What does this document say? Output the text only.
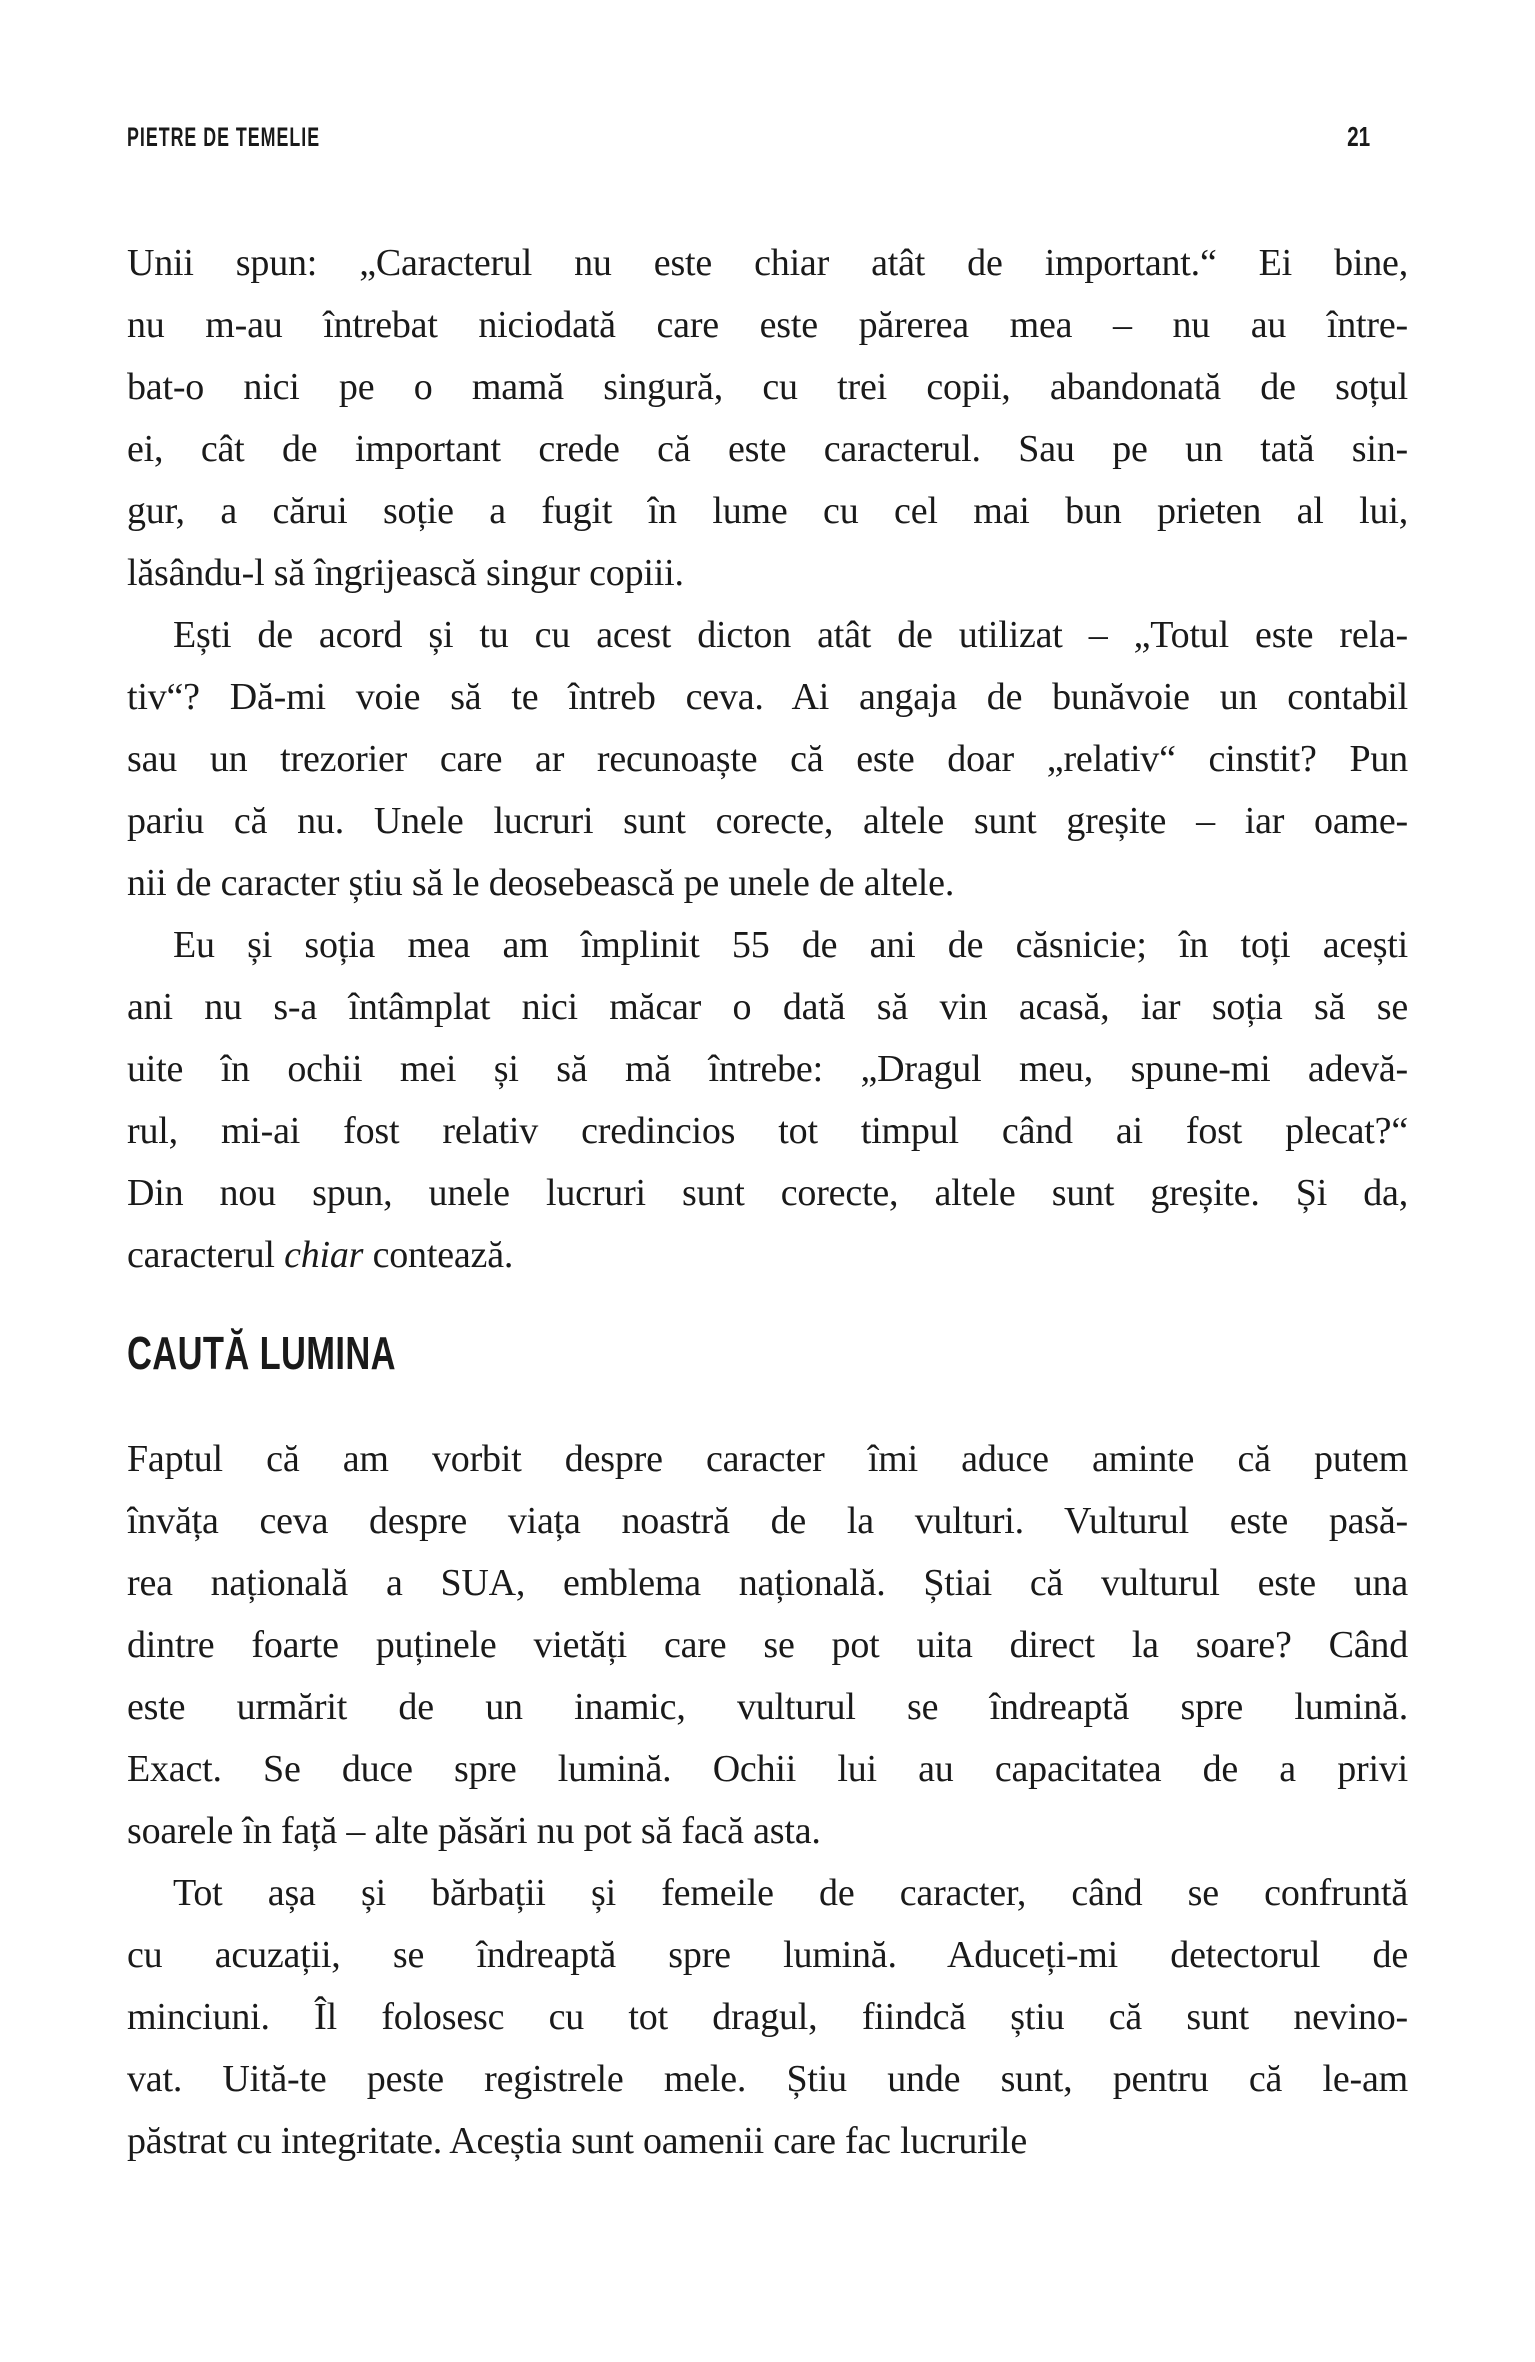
PIETRE DE TEMELIE	21
Unii spun: „Caracterul nu este chiar atât de important.“ Ei bine,
nu m-au întrebat niciodată care este părerea mea – nu au între-
bat-o nici pe o mamă singură, cu trei copii, abandonată de soțul
ei, cât de important crede că este caracterul. Sau pe un tată sin-
gur, a cărui soție a fugit în lume cu cel mai bun prieten al lui,
lăsându-l să îngrijească singur copiii.
Ești de acord și tu cu acest dicton atât de utilizat – „Totul este rela-
tiv“? Dă-mi voie să te întreb ceva. Ai angaja de bunăvoie un contabil
sau un trezorier care ar recunoaște că este doar „relativ“ cinstit? Pun
pariu că nu. Unele lucruri sunt corecte, altele sunt greșite – iar oame-
nii de caracter știu să le deosebească pe unele de altele.
Eu și soția mea am împlinit 55 de ani de căsnicie; în toți acești
ani nu s-a întâmplat nici măcar o dată să vin acasă, iar soția să se
uite în ochii mei și să mă întrebe: „Dragul meu, spune-mi adevă-
rul, mi-ai fost relativ credincios tot timpul când ai fost plecat?“
Din nou spun, unele lucruri sunt corecte, altele sunt greșite. Și da,
caracterul chiar contează.
CAUTĂ LUMINA
Faptul că am vorbit despre caracter îmi aduce aminte că putem
învăța ceva despre viața noastră de la vulturi. Vulturul este pasă-
rea națională a SUA, emblema națională. Știai că vulturul este una
dintre foarte puținele vietăți care se pot uita direct la soare? Când
este urmărit de un inamic, vulturul se îndreaptă spre lumină.
Exact. Se duce spre lumină. Ochii lui au capacitatea de a privi
soarele în față – alte păsări nu pot să facă asta.
Tot așa și bărbații și femeile de caracter, când se confruntă
cu acuzații, se îndreaptă spre lumină. Aduceți-mi detectorul de
minciuni. Îl folosesc cu tot dragul, fiindcă știu că sunt nevino-
vat. Uită-te peste registrele mele. Știu unde sunt, pentru că le-am
păstrat cu integritate. Aceștia sunt oamenii care fac lucrurile
